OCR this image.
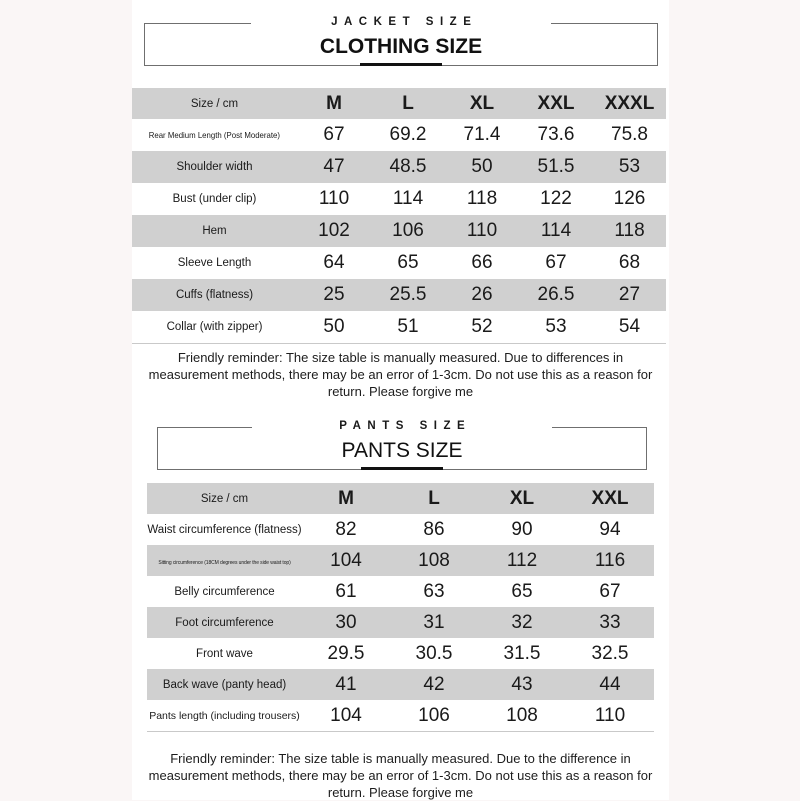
JACKET SIZE
CLOTHING SIZE
Size / cm	M	L	XL	XXL	XXXL
Rear Medium Length (Post Moderate)	67	69.2	71.4	73.6	75.8
Shoulder width	47	48.5	50	51.5	53
Bust (under clip)	110	114	118	122	126
Hem	102	106	110	114	118
Sleeve Length	64	65	66	67	68
Cuffs (flatness)	25	25.5	26	26.5	27
Collar (with zipper)	50	51	52	53	54
Friendly reminder: The size table is manually measured. Due to differences in measurement methods, there may be an error of 1-3cm. Do not use this as a reason for return. Please forgive me
PANTS SIZE
PANTS SIZE
Size / cm	M	L	XL	XXL
Waist circumference (flatness)	82	86	90	94
Sitting circumference (18CM degrees under the side waist top)	104	108	112	116
Belly circumference	61	63	65	67
Foot circumference	30	31	32	33
Front wave	29.5	30.5	31.5	32.5
Back wave (panty head)	41	42	43	44
Pants length (including trousers)	104	106	108	110
Friendly reminder: The size table is manually measured. Due to the difference in measurement methods, there may be an error of 1-3cm. Do not use this as a reason for return. Please forgive me
